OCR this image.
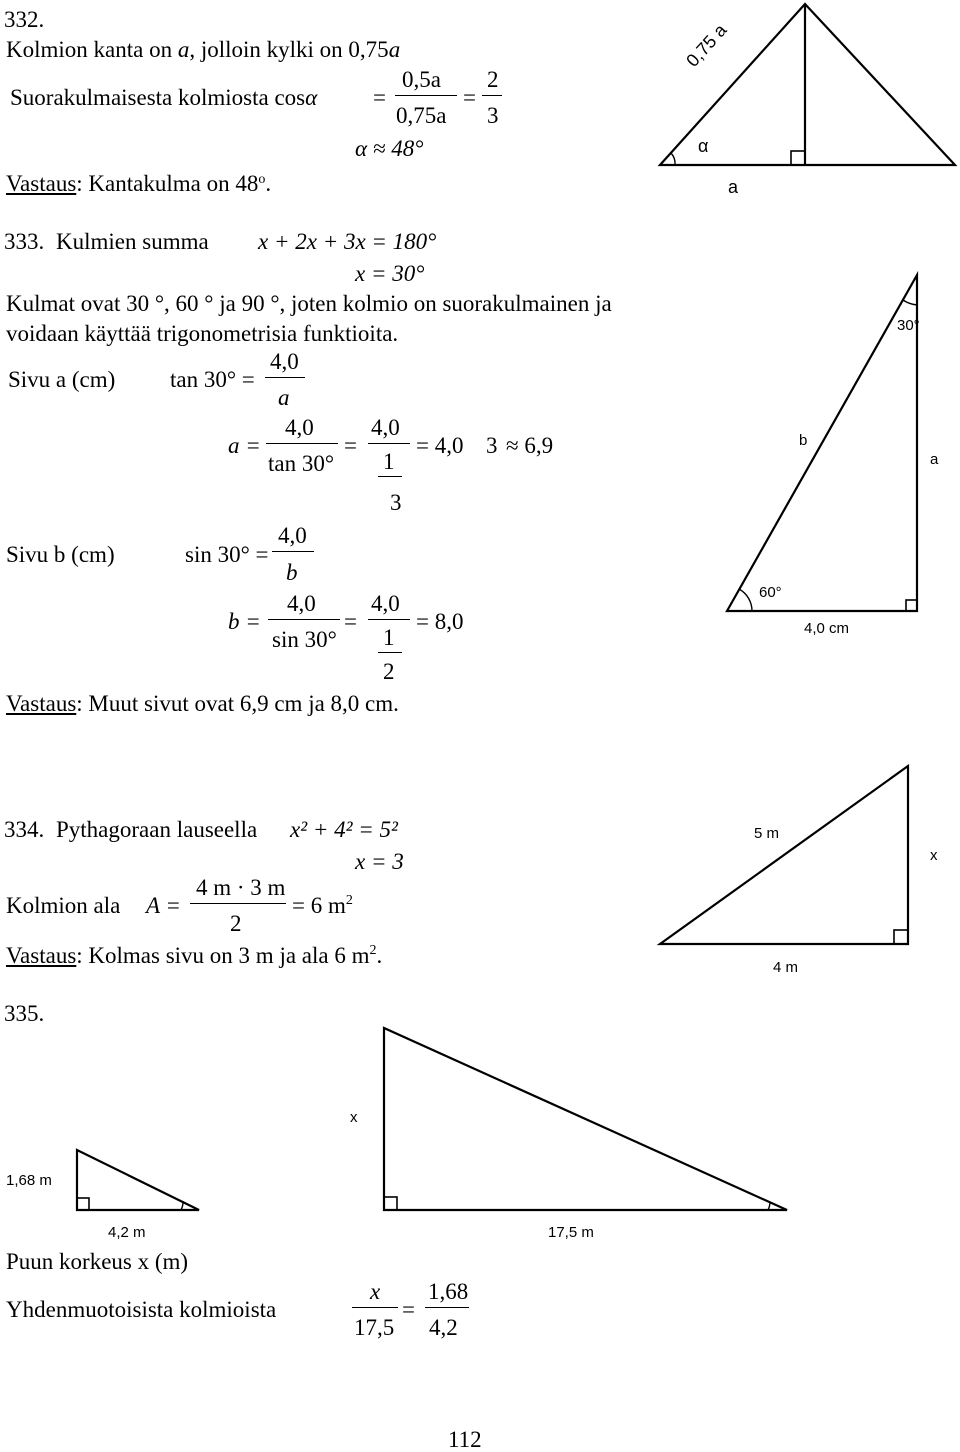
332.
Kolmion kanta on a, jolloin kylki on 0,75a
Suorakulmaisesta kolmiosta cosα =
0,5a
0,75a
=
2
3
α ≈ 48°
Vastaus: Kantakulma on 48$^o$.
333. Kulmien summa x + 2x + 3x = 180°
x = 30°
Kulmat ovat 30 °, 60 ° ja 90 °, joten kolmio on suorakulmainen ja
voidaan käyttää trigonometrisia funktioita.
Sivu a (cm) tan 30° =
4,0
a
a =
4,0
tan 30°
=
4,0
1
3
= 4,0 3 ≈ 6,9
Sivu b (cm)	sin 30° =
4,0
b
b =
4,0
sin 30°
=
4,0
1
2
= 8,0
Vastaus: Muut sivut ovat 6,9 cm ja 8,0 cm.
334. Pythagoraan lauseella x² + 4² = 5²
x = 3
Kolmion ala A =
4 m · 3 m
2
= 6 $m^2$
Vastaus: Kolmas sivu on 3 m ja ala 6 $m^2$.
335.
Puun korkeus x (m)
Yhdenmuotoisista kolmioista
x
17,5
=
1,68
4,2
112
0,75 a
α
a
30°
b
a
60°
4,0 cm
5 m
x
4 m
1,68 m
4,2 m
x
17,5 m
